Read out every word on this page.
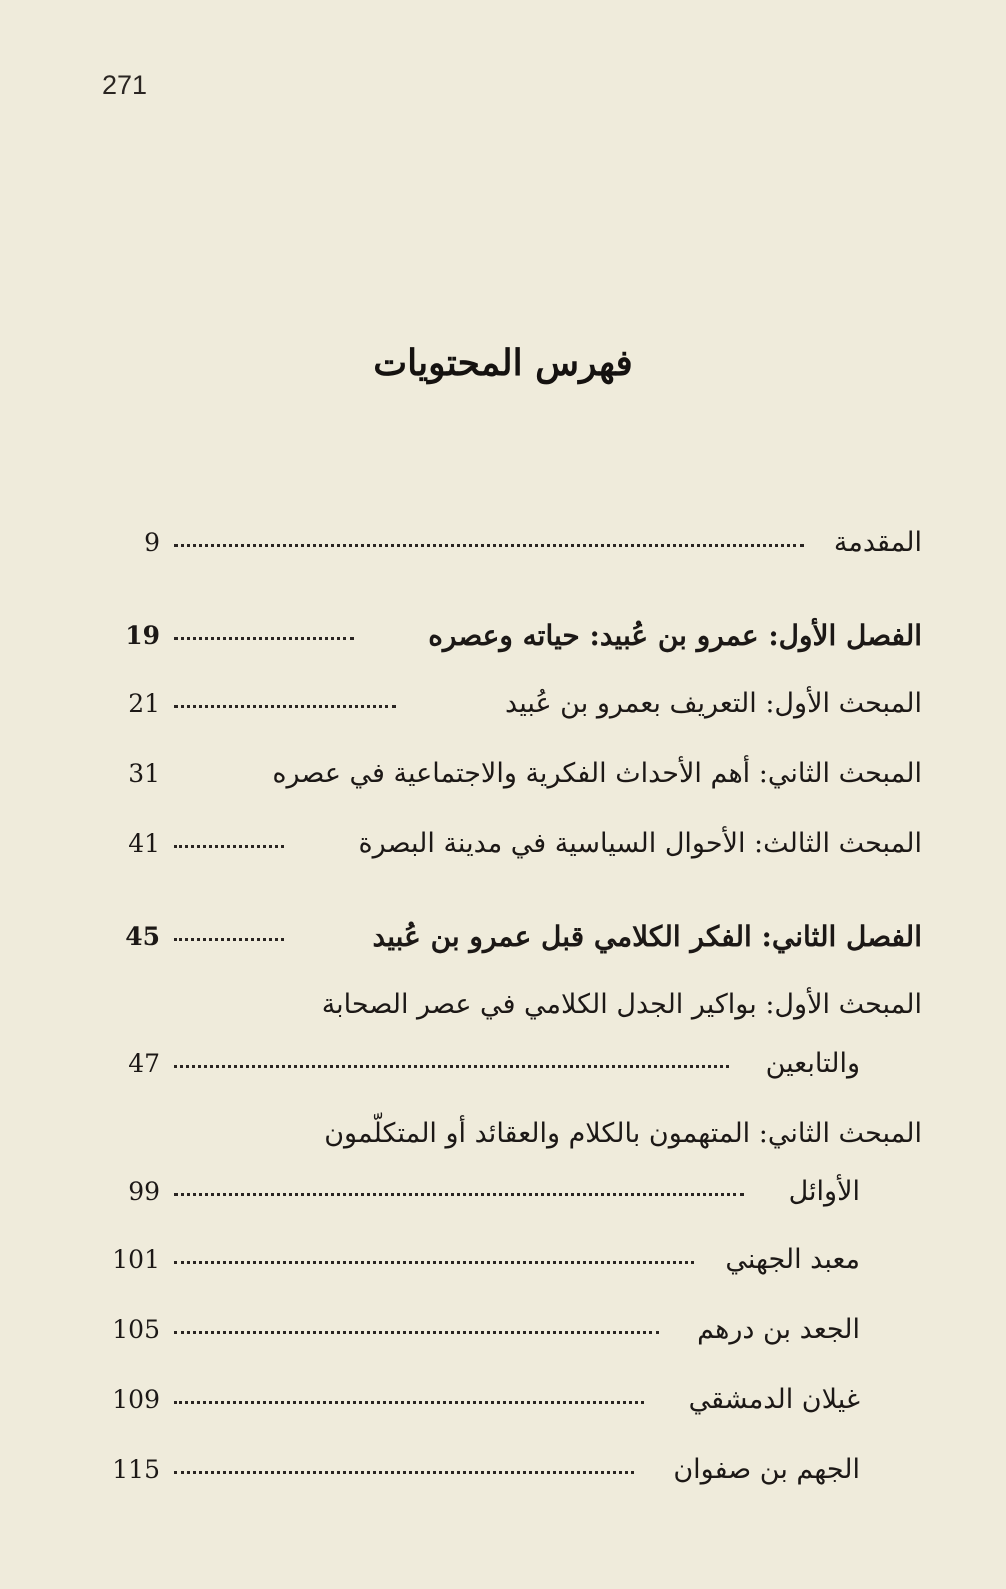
271
فهرس المحتويات
المقدمة
9
الفصل الأول: عمرو بن عُبيد: حياته وعصره
19
المبحث الأول: التعريف بعمرو بن عُبيد
21
المبحث الثاني: أهم الأحداث الفكرية والاجتماعية في عصره
31
المبحث الثالث: الأحوال السياسية في مدينة البصرة
41
الفصل الثاني: الفكر الكلامي قبل عمرو بن عُبيد
45
المبحث الأول: بواكير الجدل الكلامي في عصر الصحابة
والتابعين
47
المبحث الثاني: المتهمون بالكلام والعقائد أو المتكلّمون
الأوائل
99
معبد الجهني
101
الجعد بن درهم
105
غيلان الدمشقي
109
الجهم بن صفوان
115
